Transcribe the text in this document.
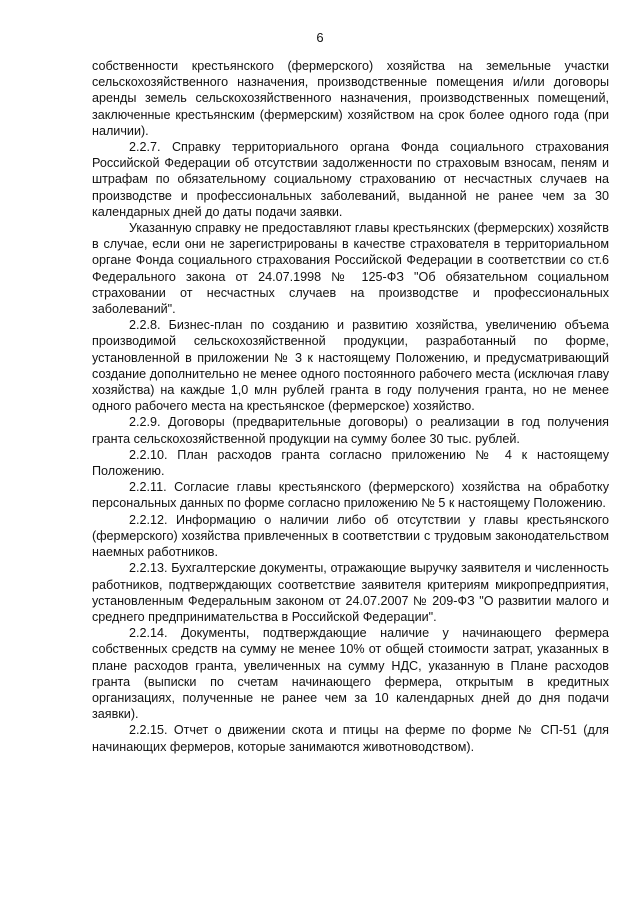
6

собственности крестьянского (фермерского) хозяйства на земельные участки сельскохозяйственного назначения, производственные помещения и/или договоры аренды земель сельскохозяйственного назначения, производственных помещений, заключенные крестьянским (фермерским) хозяйством на срок более одного года (при наличии).

2.2.7. Справку территориального органа Фонда социального страхования Российской Федерации об отсутствии задолженности по страховым взносам, пеням и штрафам по обязательному социальному страхованию от несчастных случаев на производстве и профессиональных заболеваний, выданной не ранее чем за 30 календарных дней до даты подачи заявки.

Указанную справку не предоставляют главы крестьянских (фермерских) хозяйств в случае, если они не зарегистрированы в качестве страхователя в территориальном органе Фонда социального страхования Российской Федерации в соответствии со ст.6 Федерального закона от 24.07.1998 № 125-ФЗ "Об обязательном социальном страховании от несчастных случаев на производстве и профессиональных заболеваний".

2.2.8. Бизнес-план по созданию и развитию хозяйства, увеличению объема производимой сельскохозяйственной продукции, разработанный по форме, установленной в приложении № 3 к настоящему Положению, и предусматривающий создание дополнительно не менее одного постоянного рабочего места (исключая главу хозяйства) на каждые 1,0 млн рублей гранта в году получения гранта, но не менее одного рабочего места на крестьянское (фермерское) хозяйство.

2.2.9. Договоры (предварительные договоры) о реализации в год получения гранта сельскохозяйственной продукции на сумму более 30 тыс. рублей.

2.2.10. План расходов гранта согласно приложению № 4 к настоящему Положению.

2.2.11. Согласие главы крестьянского (фермерского) хозяйства на обработку персональных данных по форме согласно приложению № 5 к настоящему Положению.

2.2.12. Информацию о наличии либо об отсутствии у главы крестьянского (фермерского) хозяйства привлеченных в соответствии с трудовым законодательством наемных работников.

2.2.13. Бухгалтерские документы, отражающие выручку заявителя и численность работников, подтверждающих соответствие заявителя критериям микропредприятия, установленным Федеральным законом от 24.07.2007 № 209-ФЗ "О развитии малого и среднего предпринимательства в Российской Федерации".

2.2.14. Документы, подтверждающие наличие у начинающего фермера собственных средств на сумму не менее 10% от общей стоимости затрат, указанных в плане расходов гранта, увеличенных на сумму НДС, указанную в Плане расходов гранта (выписки по счетам начинающего фермера, открытым в кредитных организациях, полученные не ранее чем за 10 календарных дней до дня подачи заявки).

2.2.15. Отчет о движении скота и птицы на ферме по форме № СП-51 (для начинающих фермеров, которые занимаются животноводством).
